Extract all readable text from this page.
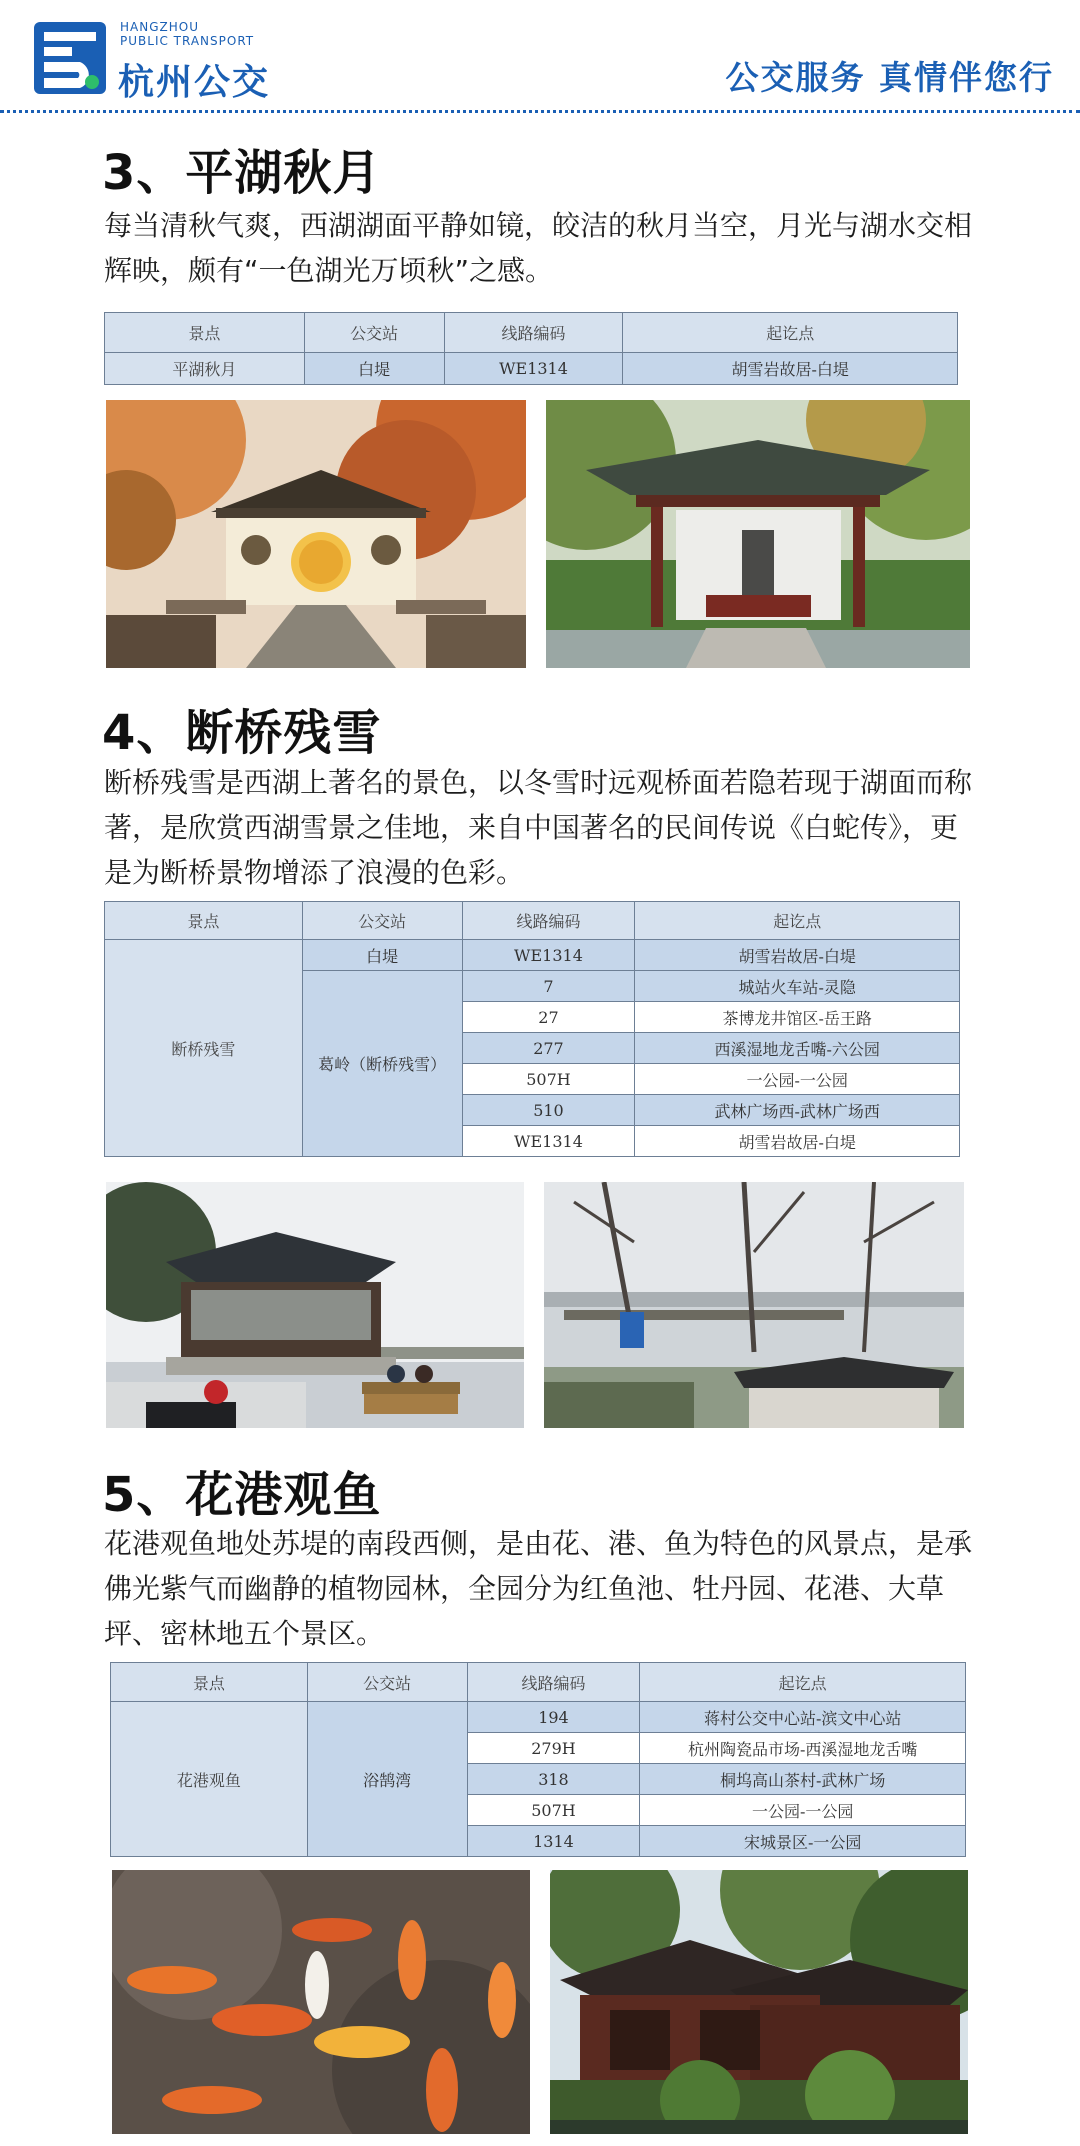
HANGZHOU
PUBLIC TRANSPORT
杭州公交	公交服务 真情伴您行
3、平湖秋月
每当清秋气爽，西湖湖面平静如镜，皎洁的秋月当空，月光与湖水交相辉映，颇有“一色湖光万顷秋”之感。
景点	公交站	线路编码	起讫点
平湖秋月	白堤	WE1314	胡雪岩故居-白堤
4、断桥残雪
断桥残雪是西湖上著名的景色，以冬雪时远观桥面若隐若现于湖面而称著，是欣赏西湖雪景之佳地，来自中国著名的民间传说《白蛇传》，更是为断桥景物增添了浪漫的色彩。
景点	公交站	线路编码	起讫点
断桥残雪	白堤	WE1314	胡雪岩故居-白堤
	葛岭（断桥残雪）	7	城站火车站-灵隐
		27	茶博龙井馆区-岳王路
		277	西溪湿地龙舌嘴-六公园
		507H	一公园-一公园
		510	武林广场西-武林广场西
		WE1314	胡雪岩故居-白堤
5、花港观鱼
花港观鱼地处苏堤的南段西侧，是由花、港、鱼为特色的风景点，是承佛光紫气而幽静的植物园林，全园分为红鱼池、牡丹园、花港、大草坪、密林地五个景区。
景点	公交站	线路编码	起讫点
花港观鱼	浴鹄湾	194	蒋村公交中心站-滨文中心站
		279H	杭州陶瓷品市场-西溪湿地龙舌嘴
		318	桐坞高山茶村-武林广场
		507H	一公园-一公园
		1314	宋城景区-一公园
